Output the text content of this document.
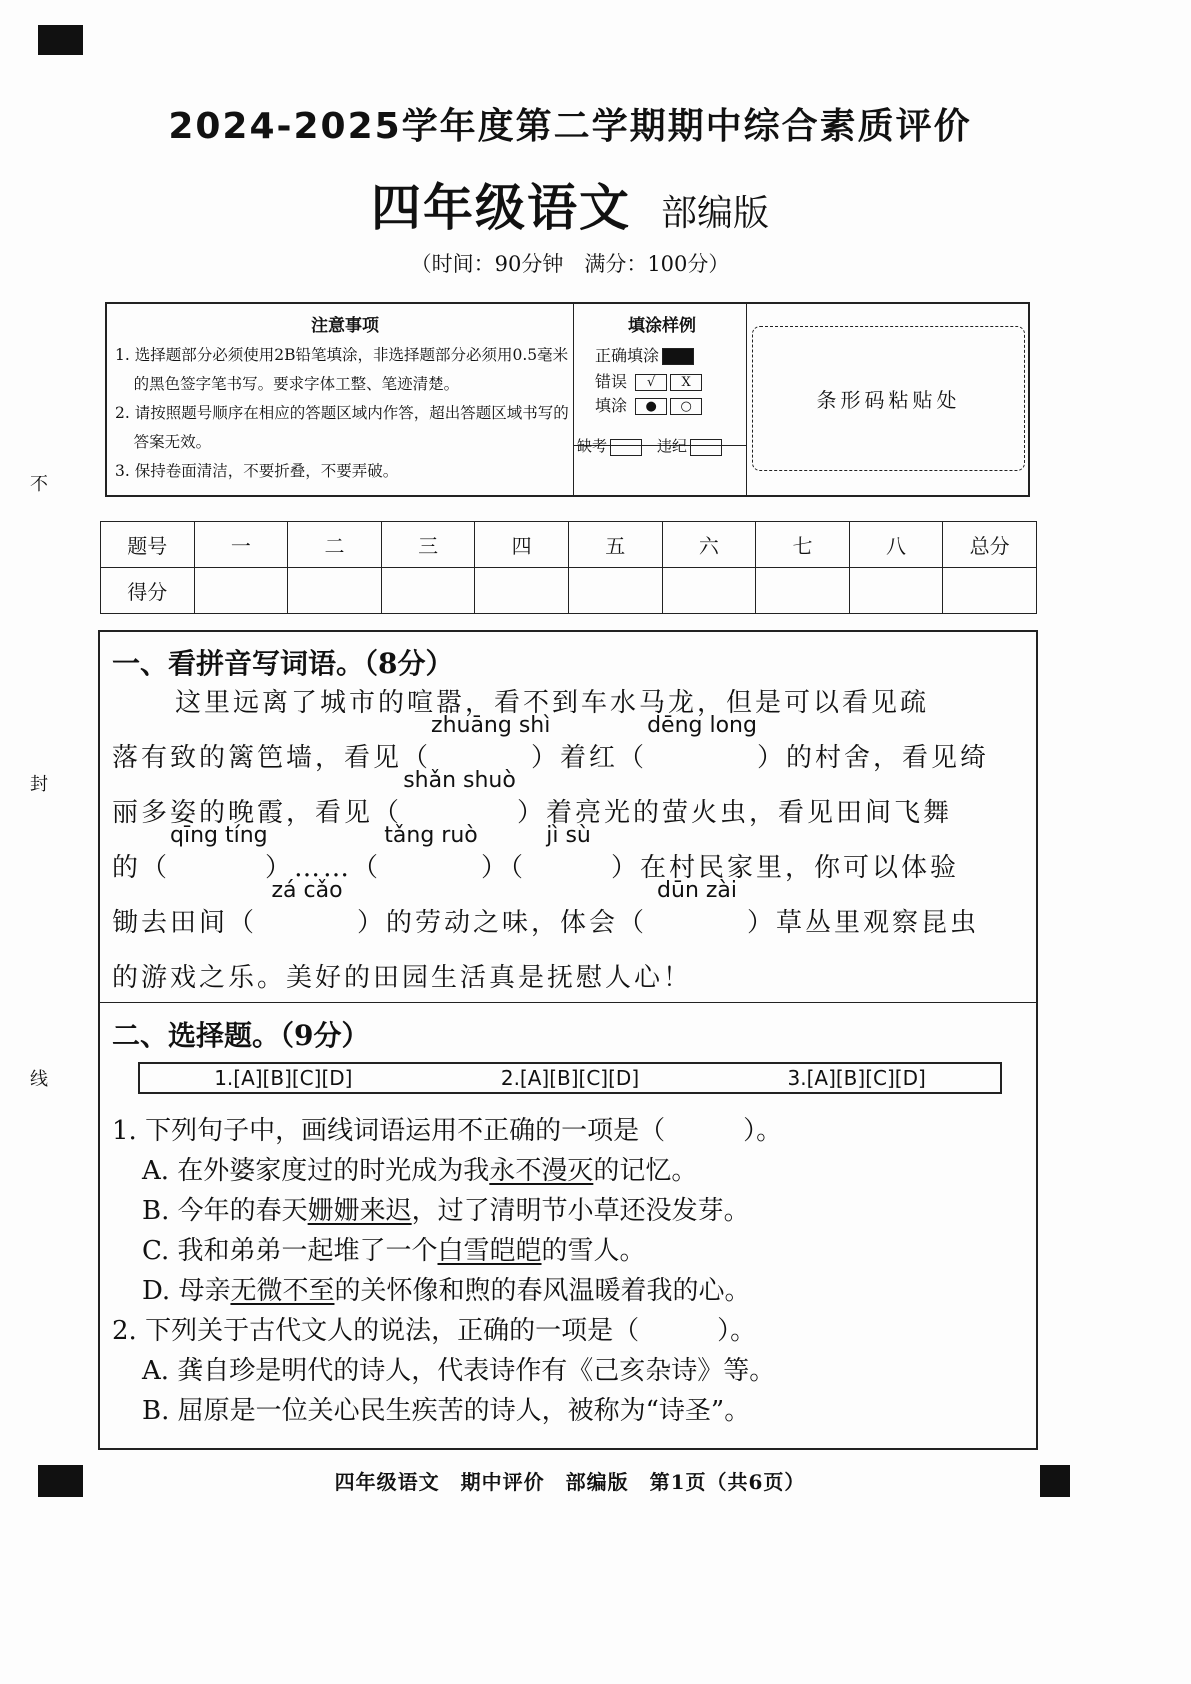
不
封
线
2024-2025学年度第二学期期中综合素质评价
四年级语文 部编版
（时间：90分钟　满分：100分）
注意事项
1. 选择题部分必须使用2B铅笔填涂，非选择题部分必须用0.5毫米的黑色签字笔书写。要求字体工整、笔迹清楚。
2. 请按照题号顺序在相应的答题区域内作答，超出答题区域书写的答案无效。
3. 保持卷面清洁，不要折叠，不要弄破。
填涂样例
正确填涂
错误 √ X
填涂 ● ○
缺考　	违纪
条形码粘贴处
题号	一	二	三	四	五	六	七	八	总分
得分									
一、看拼音写词语。（8分）
这里远离了城市的喧嚣，看不到车水马龙，但是可以看见疏
落有致的篱笆墙，看见（
zhuāng shì
）着红（
dēng long
）的村舍，看见绮
丽多姿的晚霞，看见（
shǎn shuò
）着亮光的萤火虫，看见田间飞舞
的（
qīng tíng
）……（
tǎng ruò
）（
jì sù
）在村民家里，你可以体验
锄去田间（
zá cǎo
）的劳动之味，体会（
dūn zài
）草丛里观察昆虫
的游戏之乐。美好的田园生活真是抚慰人心！
二、选择题。（9分）
1.[A][B][C][D]	2.[A][B][C][D]	3.[A][B][C][D]
1. 下列句子中，画线词语运用不正确的一项是（　　　）。
A. 在外婆家度过的时光成为我永不漫灭的记忆。
B. 今年的春天姗姗来迟，过了清明节小草还没发芽。
C. 我和弟弟一起堆了一个白雪皑皑的雪人。
D. 母亲无微不至的关怀像和煦的春风温暖着我的心。
2. 下列关于古代文人的说法，正确的一项是（　　　）。
A. 龚自珍是明代的诗人，代表诗作有《己亥杂诗》等。
B. 屈原是一位关心民生疾苦的诗人，被称为“诗圣”。
四年级语文　期中评价　部编版　第1页（共6页）
